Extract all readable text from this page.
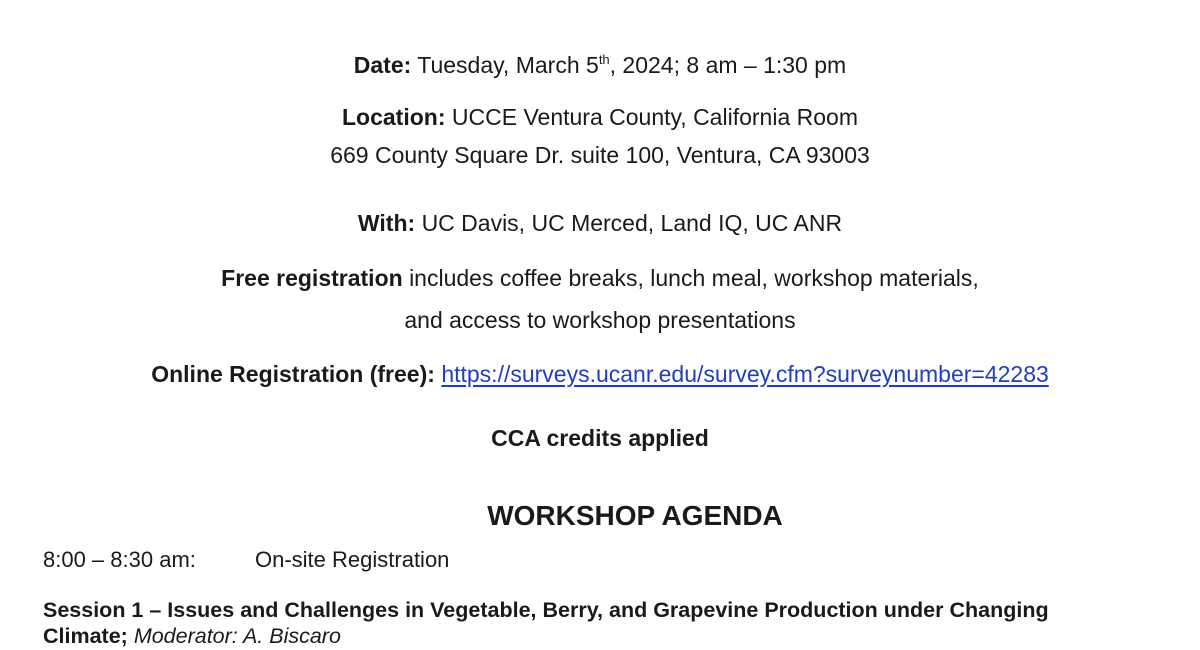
Date: Tuesday, March 5th, 2024; 8 am – 1:30 pm
Location: UCCE Ventura County, California Room
669 County Square Dr. suite 100, Ventura, CA 93003
With: UC Davis, UC Merced, Land IQ, UC ANR
Free registration includes coffee breaks, lunch meal, workshop materials,
and access to workshop presentations
Online Registration (free): https://surveys.ucanr.edu/survey.cfm?surveynumber=42283
CCA credits applied
WORKSHOP AGENDA
8:00 – 8:30 am:	On-site Registration
Session 1 – Issues and Challenges in Vegetable, Berry, and Grapevine Production under Changing
Climate; Moderator: A. Biscaro
